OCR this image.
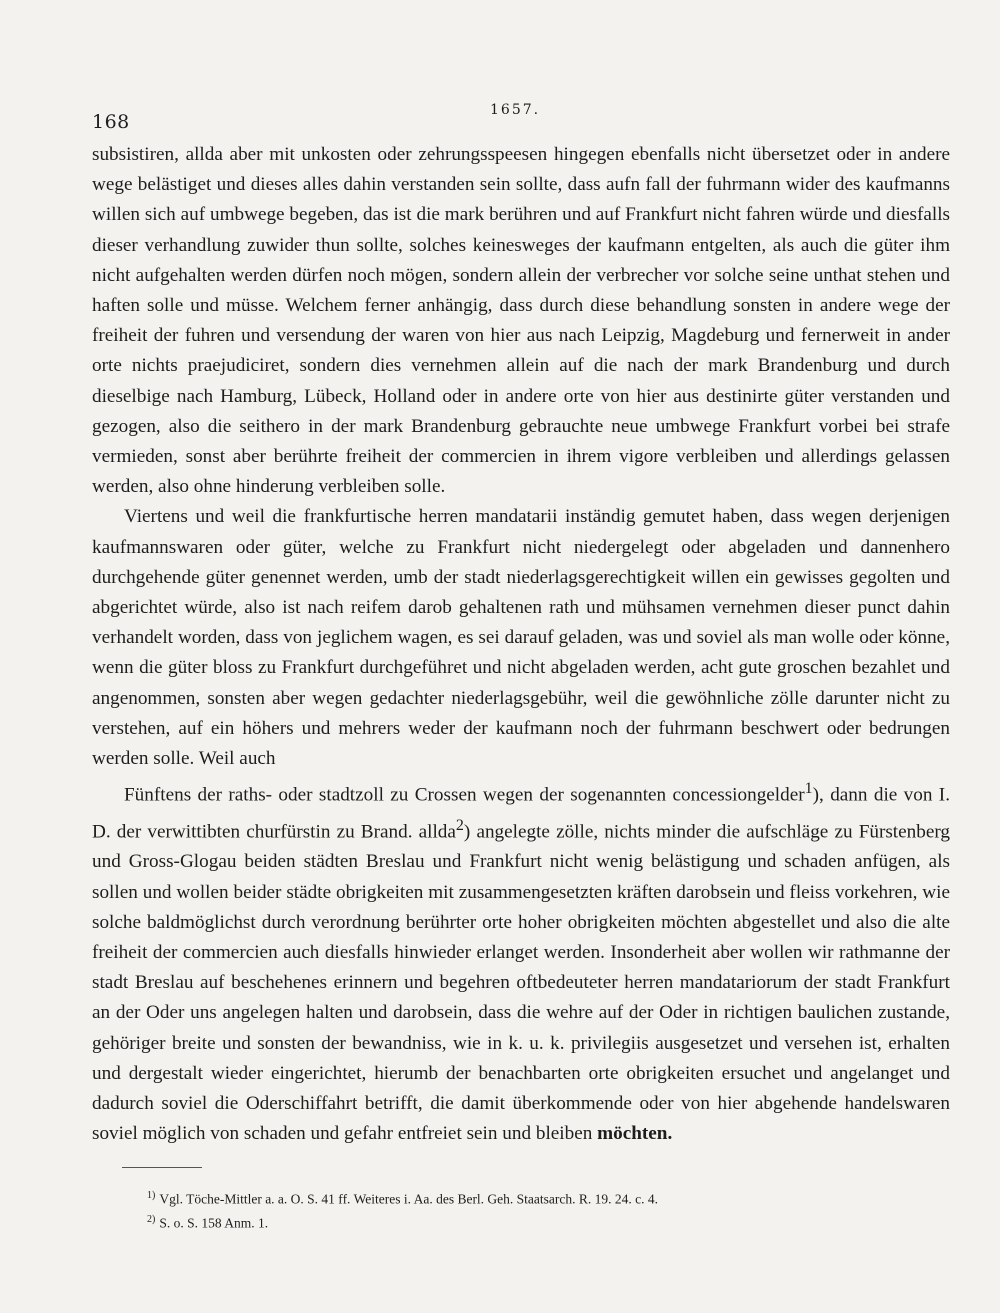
168
1657.

subsistiren, allda aber mit unkosten oder zehrungsspeesen hingegen ebenfalls nicht übersetzet oder in andere wege belästiget und dieses alles dahin verstanden sein sollte, dass aufn fall der fuhrmann wider des kaufmanns willen sich auf umbwege begeben, das ist die mark berühren und auf Frankfurt nicht fahren würde und diesfalls dieser verhandlung zuwider thun sollte, solches keinesweges der kaufmann entgelten, als auch die güter ihm nicht aufgehalten werden dürfen noch mögen, sondern allein der verbrecher vor solche seine unthat stehen und haften solle und müsse. Welchem ferner anhängig, dass durch diese behandlung sonsten in andere wege der freiheit der fuhren und versendung der waren von hier aus nach Leipzig, Magdeburg und fernerweit in ander orte nichts praejudiciret, sondern dies vernehmen allein auf die nach der mark Brandenburg und durch dieselbige nach Hamburg, Lübeck, Holland oder in andere orte von hier aus destinirte güter verstanden und gezogen, also die seithero in der mark Brandenburg gebrauchte neue umbwege Frankfurt vorbei bei strafe vermieden, sonst aber berührte freiheit der commercien in ihrem vigore verbleiben und allerdings gelassen werden, also ohne hinderung verbleiben solle.

Viertens und weil die frankfurtische herren mandatarii inständig gemutet haben, dass wegen derjenigen kaufmannswaren oder güter, welche zu Frankfurt nicht niedergelegt oder abgeladen und dannenhero durchgehende güter genennet werden, umb der stadt niederlagsgerechtigkeit willen ein gewisses gegolten und abgerichtet würde, also ist nach reifem darob gehaltenen rath und mühsamen vernehmen dieser punct dahin verhandelt worden, dass von jeglichem wagen, es sei darauf geladen, was und soviel als man wolle oder könne, wenn die güter bloss zu Frankfurt durchgeführet und nicht abgeladen werden, acht gute groschen bezahlet und angenommen, sonsten aber wegen gedachter niederlagsgebühr, weil die gewöhnliche zölle darunter nicht zu verstehen, auf ein höhers und mehrers weder der kaufmann noch der fuhrmann beschwert oder bedrungen werden solle. Weil auch

Fünftens der raths- oder stadtzoll zu Crossen wegen der sogenannten concessiongelder$^1$), dann die von I. D. der verwittibten churfürstin zu Brand. allda$^2$) angelegte zölle, nichts minder die aufschläge zu Fürstenberg und Gross-Glogau beiden städten Breslau und Frankfurt nicht wenig belästigung und schaden anfügen, als sollen und wollen beider städte obrigkeiten mit zusammengesetzten kräften darobsein und fleiss vorkehren, wie solche baldmöglichst durch verordnung berührter orte hoher obrigkeiten möchten abgestellet und also die alte freiheit der commercien auch diesfalls hinwieder erlanget werden. Insonderheit aber wollen wir rathmanne der stadt Breslau auf beschehenes erinnern und begehren oftbedeuteter herren mandatariorum der stadt Frankfurt an der Oder uns angelegen halten und darobsein, dass die wehre auf der Oder in richtigen baulichen zustande, gehöriger breite und sonsten der bewandniss, wie in k. u. k. privilegiis ausgesetzet und versehen ist, erhalten und dergestalt wieder eingerichtet, hierumb der benachbarten orte obrigkeiten ersuchet und angelanget und dadurch soviel die Oderschiffahrt betrifft, die damit überkommende oder von hier abgehende handelswaren soviel möglich von schaden und gefahr entfreiet sein und bleiben möchten.

$^{1)}$ Vgl. Töche-Mittler a. a. O. S. 41 ff. Weiteres i. Aa. des Berl. Geh. Staatsarch. R. 19. 24. c. 4.
$^{2)}$ S. o. S. 158 Anm. 1.
